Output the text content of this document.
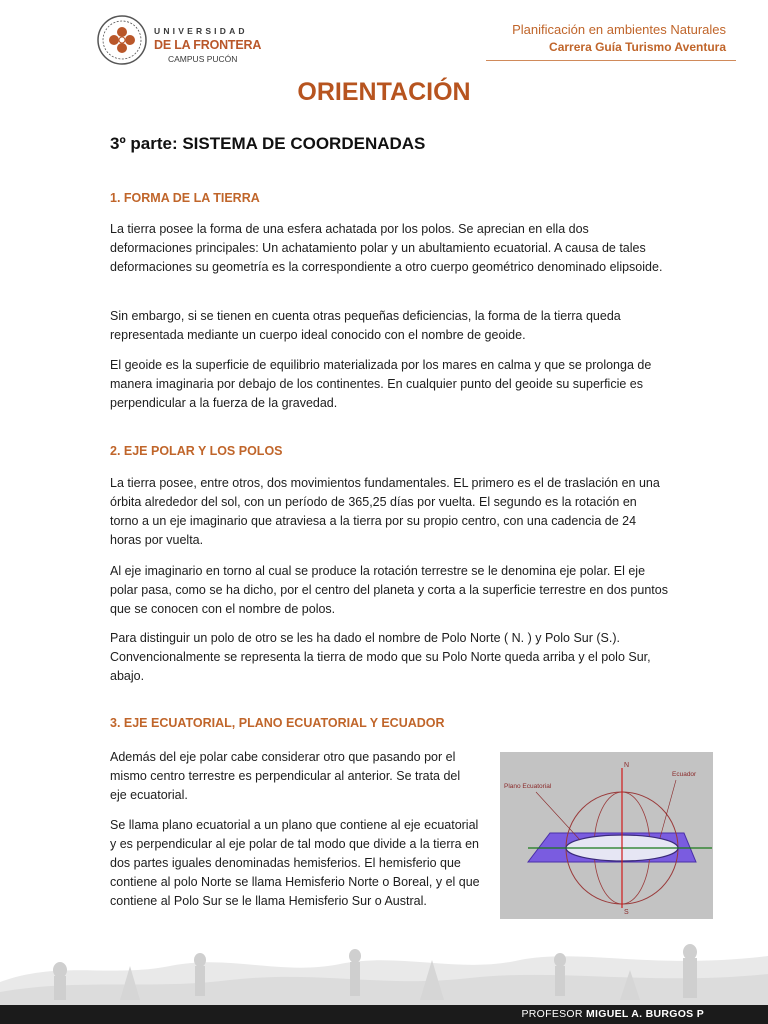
UNIVERSIDAD
DE LA FRONTERA
CAMPUS PUCÓN
Planificación en ambientes Naturales
Carrera Guía Turismo Aventura
ORIENTACIÓN
3º parte: SISTEMA DE COORDENADAS

1. FORMA DE LA TIERRA

La tierra posee la forma de una esfera achatada por los polos. Se aprecian en ella dos deformaciones principales: Un achatamiento polar y un abultamiento ecuatorial. A causa de tales deformaciones su geometría es la correspondiente a otro cuerpo geométrico denominado elipsoide.

Sin embargo, si se tienen en cuenta otras pequeñas deficiencias, la forma de la tierra queda representada mediante un cuerpo ideal conocido con el nombre de geoide.

El geoide es la superficie de equilibrio materializada por los mares en calma y que se prolonga de manera imaginaria por debajo de los continentes. En cualquier punto del geoide su superficie es perpendicular a la fuerza de la gravedad.

2. EJE POLAR Y LOS POLOS

La tierra posee, entre otros, dos movimientos fundamentales. EL primero es el de traslación en una órbita alrededor del sol, con un período de 365,25 días por vuelta. El segundo es la rotación en torno a un eje imaginario que atraviesa a la tierra por su propio centro, con una cadencia de 24 horas por vuelta.

Al eje imaginario en torno al cual se produce la rotación terrestre se le denomina eje polar. El eje polar pasa, como se ha dicho, por el centro del planeta y corta a la superficie terrestre en dos puntos que se conocen con el nombre de polos.

Para distinguir un polo de otro se les ha dado el nombre de Polo Norte ( N. ) y Polo Sur (S.). Convencionalmente se representa la tierra de modo que su Polo Norte queda arriba y el polo Sur, abajo.

3. EJE ECUATORIAL, PLANO ECUATORIAL Y ECUADOR

Además del eje polar cabe considerar otro que pasando por el mismo centro terrestre es perpendicular al anterior. Se trata del eje ecuatorial.

Se llama plano ecuatorial a un plano que contiene al eje ecuatorial y es perpendicular al eje polar de tal modo que divide a la tierra en dos partes iguales denominadas hemisferios. El hemisferio que contiene al polo Norte se llama Hemisferio Norte o Boreal, y el que contiene al Polo Sur se le llama Hemisferio Sur o Austral.

Plano Ecuatorial
Ecuador
N
S
PROFESOR MIGUEL A. BURGOS P
